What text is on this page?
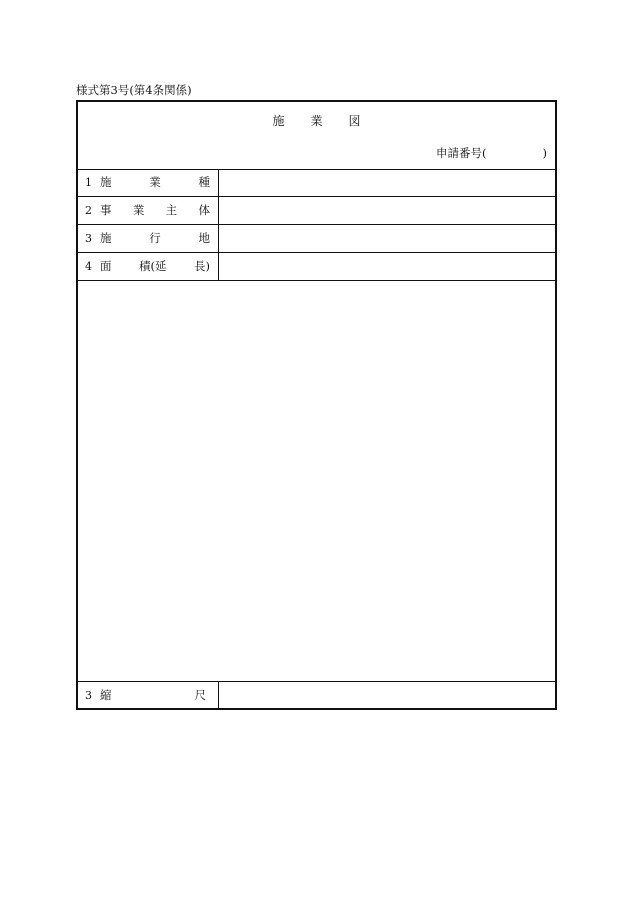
様式第3号(第4条関係)
施 業 図
申請番号(	)
1 施	業	種
2 事 業 主 体
3 施	行	地
4 面 積(延 長)
3 縮	尺
